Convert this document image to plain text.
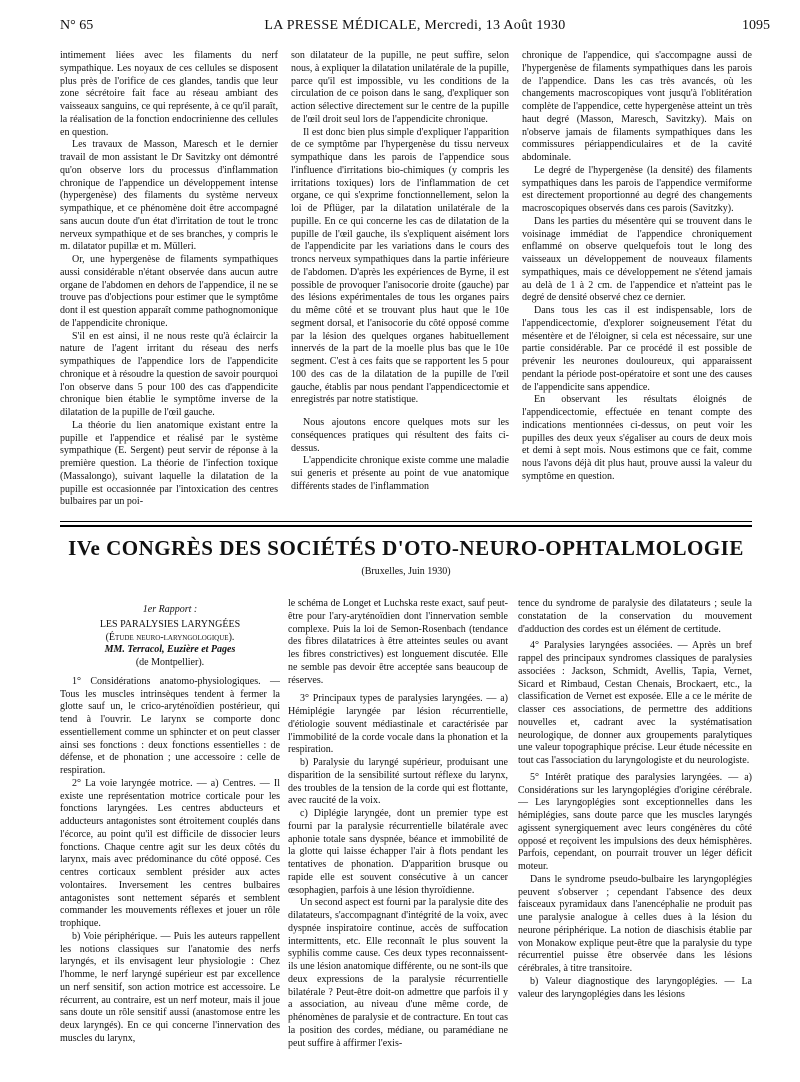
N° 65	LA PRESSE MÉDICALE, Mercredi, 13 Août 1930	1095

intimement liées avec les filaments du nerf sympathique. Les noyaux de ces cellules se disposent plus près de l'orifice de ces glandes, tandis que leur zone sécrétoire fait face au réseau ambiant des vaisseaux sanguins, ce qui représente, à ce qu'il paraît, la réalisation de la fonction endocrinienne des cellules en question.

Les travaux de Masson, Maresch et le dernier travail de mon assistant le Dr Savitzky ont démontré qu'on observe lors du processus d'inflammation chronique de l'appendice un développement intense (hypergenèse) des filaments du système nerveux sympathique, et ce phénomène doit être accompagné sans aucun doute d'un état d'irritation de tout le tronc nerveux sympathique et de ses branches, y compris le m. dilatator pupillæ et m. Mülleri.

Or, une hypergenèse de filaments sympathiques aussi considérable n'étant observée dans aucun autre organe de l'abdomen en dehors de l'appendice, il ne se trouve pas d'objections pour estimer que le symptôme dont il est question apparaît comme pathognomonique de l'appendicite chronique.

S'il en est ainsi, il ne nous reste qu'à éclaircir la nature de l'agent irritant du réseau des nerfs sympathiques de l'appendice lors de l'appendicite chronique et à résoudre la question de savoir pourquoi l'on observe dans 5 pour 100 des cas d'appendicite chronique bien établie le symptôme inverse de la dilatation de la pupille de l'œil gauche.

La théorie du lien anatomique existant entre la pupille et l'appendice et réalisé par le système sympathique (E. Sergent) peut servir de réponse à la première question. La théorie de l'infection toxique (Massalongo), suivant laquelle la dilatation de la pupille est occasionnée par l'intoxication des centres bulbaires par un poi-

son dilatateur de la pupille, ne peut suffire, selon nous, à expliquer la dilatation unilatérale de la pupille, parce qu'il est impossible, vu les conditions de la circulation de ce poison dans le sang, d'expliquer son action sélective directement sur le centre de la pupille de l'œil droit seul lors de l'appendicite chronique.

Il est donc bien plus simple d'expliquer l'apparition de ce symptôme par l'hypergenèse du tissu nerveux sympathique dans les parois de l'appendice sous l'influence d'irritations bio-chimiques (y compris les irritations toxiques) lors de l'inflammation de cet organe, ce qui s'exprime fonctionnellement, selon la loi de Pflüger, par la dilatation unilatérale de la pupille. En ce qui concerne les cas de dilatation de la pupille de l'œil gauche, ils s'expliquent aisément lors de l'appendicite par les variations dans le cours des troncs nerveux sympathiques dans la partie inférieure de l'abdomen. D'après les expériences de Byrne, il est possible de provoquer l'anisocorie droite (gauche) par des lésions expérimentales de tous les organes pairs du même côté et se trouvant plus haut que le 10e segment dorsal, et l'anisocorie du côté opposé comme par la lésion des quelques organes habituellement innervés de la part de la moelle plus bas que le 10e segment. C'est à ces faits que se rapportent les 5 pour 100 des cas de la dilatation de la pupille de l'œil gauche, établis par nous pendant l'appendicectomie et enregistrés par notre statistique.

Nous ajoutons encore quelques mots sur les conséquences pratiques qui résultent des faits ci-dessus.

L'appendicite chronique existe comme une maladie sui generis et présente au point de vue anatomique différents stades de l'inflammation

chronique de l'appendice, qui s'accompagne aussi de l'hypergenèse de filaments sympathiques dans les parois de l'appendice. Dans les cas très avancés, où les changements macroscopiques vont jusqu'à l'oblitération complète de l'appendice, cette hypergenèse atteint un très haut degré (Masson, Maresch, Savitzky). Mais on n'observe jamais de filaments sympathiques dans les commissures périappendiculaires et de la cavité abdominale.

Le degré de l'hypergenèse (la densité) des filaments sympathiques dans les parois de l'appendice vermiforme est directement proportionné au degré des changements macroscopiques observés dans ces parois (Savitzky).

Dans les parties du mésentère qui se trouvent dans le voisinage immédiat de l'appendice chroniquement enflammé on observe quelquefois tout le long des vaisseaux un développement de nouveaux filaments sympathiques, mais ce développement ne s'étend jamais au delà de 1 à 2 cm. de l'appendice et n'atteint pas le degré de densité observé chez ce dernier.

Dans tous les cas il est indispensable, lors de l'appendicectomie, d'explorer soigneusement l'état du mésentère et de l'éloigner, si cela est nécessaire, sur une partie considérable. Par ce procédé il est possible de prévenir les neurones douloureux, qui apparaissent pendant la période post-opératoire et sont une des causes de l'appendicite sans appendice.

En observant les résultats éloignés de l'appendicectomie, effectuée en tenant compte des indications mentionnées ci-dessus, on peut voir les pupilles des deux yeux s'égaliser au cours de deux mois et demi à sept mois. Nous estimons que ce fait, comme nous l'avons déjà dit plus haut, prouve aussi la valeur du symptôme en question.

IVe CONGRÈS DES SOCIÉTÉS D'OTO-NEURO-OPHTALMOLOGIE
(Bruxelles, Juin 1930)
1er Rapport :
LES PARALYSIES LARYNGÉES
(Étude neuro-laryngologique).
MM. Terracol, Euzière et Pages
(de Montpellier).

1° Considérations anatomo-physiologiques. — Tous les muscles intrinsèques tendent à fermer la glotte sauf un, le crico-aryténoïdien postérieur, qui tend à l'ouvrir. Le larynx se comporte donc essentiellement comme un sphincter et on peut classer ainsi ses fonctions : deux fonctions essentielles : de défense, et de phonation ; une accessoire : celle de respiration.

2° La voie laryngée motrice. — a) Centres. — Il existe une représentation motrice corticale pour les fonctions laryngées. Les centres abducteurs et adducteurs antagonistes sont étroitement couplés dans l'écorce, au point qu'il est difficile de dissocier leurs fonctions. Chaque centre agit sur les deux côtés du larynx, mais avec prédominance du côté opposé. Ces centres corticaux semblent présider aux actes volontaires. Inversement les centres bulbaires antagonistes sont nettement séparés et semblent commander les mouvements réflexes et jouer un rôle trophique.

b) Voie périphérique. — Puis les auteurs rappellent les notions classiques sur l'anatomie des nerfs laryngés, et ils envisagent leur physiologie : Chez l'homme, le nerf laryngé supérieur est par excellence un nerf sensitif, son action motrice est accessoire. Le récurrent, au contraire, est un nerf moteur, mais il joue sans doute un rôle sensitif aussi (anastomose entre les deux laryngés). En ce qui concerne l'innervation des muscles du larynx,

le schéma de Longet et Luchska reste exact, sauf peut-être pour l'ary-aryténoïdien dont l'innervation semble complexe. Puis la loi de Semon-Rosenbach (tendance des fibres dilatatrices à être atteintes seules ou avant les fibres constrictives) est longuement discutée. Elle ne semble pas devoir être acceptée sans beaucoup de réserves.

3° Principaux types de paralysies laryngées. — a) Hémiplégie laryngée par lésion récurrentielle, d'étiologie souvent médiastinale et caractérisée par l'immobilité de la corde vocale dans la phonation et la respiration.

b) Paralysie du laryngé supérieur, produisant une disparition de la sensibilité surtout réflexe du larynx, des troubles de la tension de la corde qui est flottante, avec raucité de la voix.

c) Diplégie laryngée, dont un premier type est fourni par la paralysie récurrentielle bilatérale avec aphonie totale sans dyspnée, béance et immobilité de la glotte qui laisse échapper l'air à flots pendant les tentatives de phonation. D'apparition brusque ou rapide elle est souvent consécutive à un cancer œsophagien, parfois à une lésion thyroïdienne.

Un second aspect est fourni par la paralysie dite des dilatateurs, s'accompagnant d'intégrité de la voix, avec dyspnée inspiratoire continue, accès de suffocation intermittents, etc. Elle reconnaît le plus souvent la syphilis comme cause. Ces deux types reconnaissent-ils une lésion anatomique différente, ou ne sont-ils que deux expressions de la paralysie récurrentielle bilatérale ? Peut-être doit-on admettre que parfois il y a association, au niveau d'une même corde, de phénomènes de paralysie et de contracture. En tout cas la position des cordes, médiane, ou paramédiane ne peut suffire à affirmer l'exis-

tence du syndrome de paralysie des dilatateurs ; seule la constatation de la conservation du mouvement d'adduction des cordes est un élément de certitude.

4° Paralysies laryngées associées. — Après un bref rappel des principaux syndromes classiques de paralysies associées : Jackson, Schmidt, Avellis, Tapia, Vernet, Sicard et Rimbaud, Cestan Chenais, Brockaert, etc., la classification de Vernet est exposée. Elle a ce le mérite de classer ces associations, de permettre des additions nouvelles et, cadrant avec la systématisation neurologique, de donner aux groupements paralytiques une valeur topographique précise. Leur étude nécessite en tout cas l'association du laryngologiste et du neurologiste.

5° Intérêt pratique des paralysies laryngées. — a) Considérations sur les laryngoplégies d'origine cérébrale. — Les laryngoplégies sont exceptionnelles dans les hémiplégies, sans doute parce que les muscles laryngés agissent synergiquement avec leurs congénères du côté opposé et reçoivent les impulsions des deux hémisphères. Parfois, cependant, on pourrait trouver un léger déficit moteur.

Dans le syndrome pseudo-bulbaire les laryngoplégies peuvent s'observer ; cependant l'absence des deux faisceaux pyramidaux dans l'anencéphalie ne produit pas une paralysie analogue à celles dues à la lésion du neurone périphérique. La notion de diaschisis établie par von Monakow explique peut-être que la paralysie du type récurrentiel puisse être observée dans les lésions cérébrales, à titre transitoire.

b) Valeur diagnostique des laryngoplégies. — La valeur des laryngoplégies dans les lésions
